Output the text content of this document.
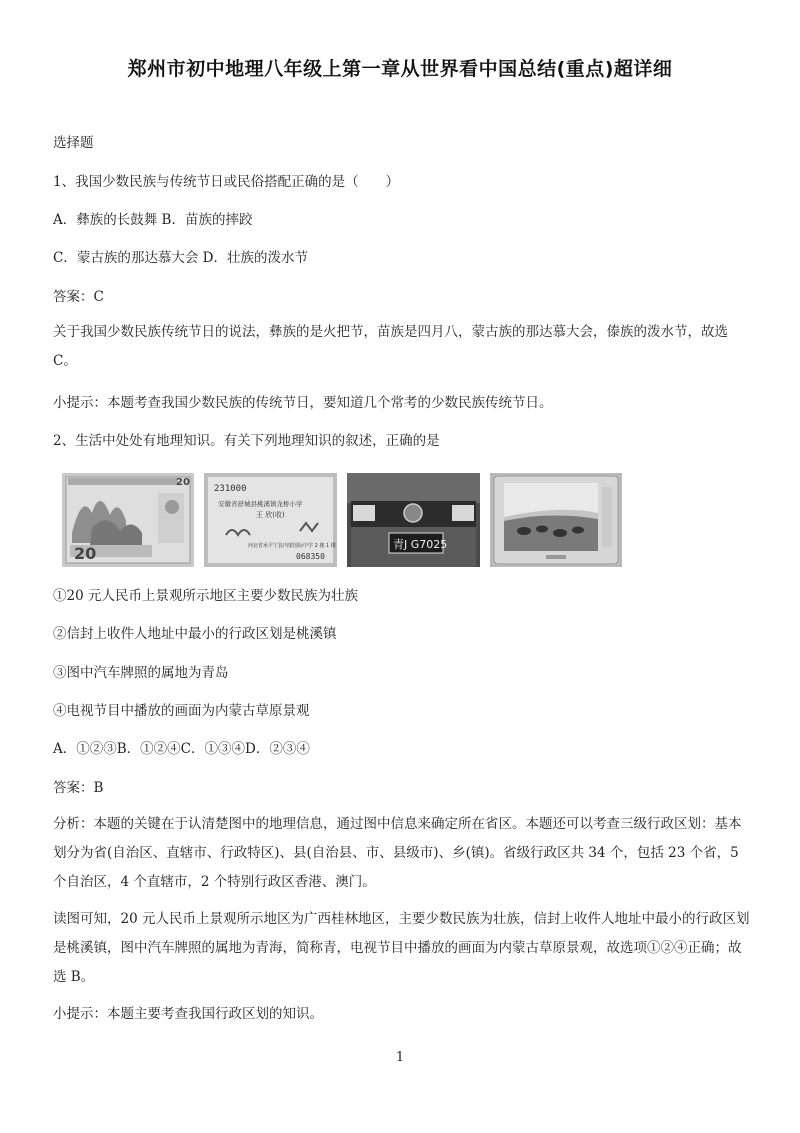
郑州市初中地理八年级上第一章从世界看中国总结(重点)超详细
选择题
1、我国少数民族与传统节日或民俗搭配正确的是（　　）
A．彝族的长鼓舞 B．苗族的摔跤
C．蒙古族的那达慕大会 D．壮族的泼水节
答案：C
关于我国少数民族传统节日的说法，彝族的是火把节，苗族是四月八，蒙古族的那达慕大会，傣族的泼水节，故选 C。
小提示：本题考查我国少数民族的传统节日，要知道几个常考的少数民族传统节日。
2、生活中处处有地理知识。有关下列地理知识的叙述，正确的是
20
20
231000
安徽省舒城县桃溪镇龙桥小学
王 欣(收)
河北省承平宁县内蒙国际中学 2 楼 1 楼
068350
青J G7025
①20 元人民币上景观所示地区主要少数民族为壮族
②信封上收件人地址中最小的行政区划是桃溪镇
③图中汽车牌照的属地为青岛
④电视节目中播放的画面为内蒙古草原景观
A．①②③B．①②④C．①③④D．②③④
答案：B
分析：本题的关键在于认清楚图中的地理信息，通过图中信息来确定所在省区。本题还可以考查三级行政区划：基本划分为省(自治区、直辖市、行政特区)、县(自治县、市、县级市)、乡(镇)。省级行政区共 34 个，包括 23 个省，5 个自治区，4 个直辖市，2 个特别行政区香港、澳门。
读图可知，20 元人民币上景观所示地区为广西桂林地区，主要少数民族为壮族，信封上收件人地址中最小的行政区划是桃溪镇，图中汽车牌照的属地为青海，简称青，电视节目中播放的画面为内蒙古草原景观，故选项①②④正确；故选 B。
小提示：本题主要考查我国行政区划的知识。
1
